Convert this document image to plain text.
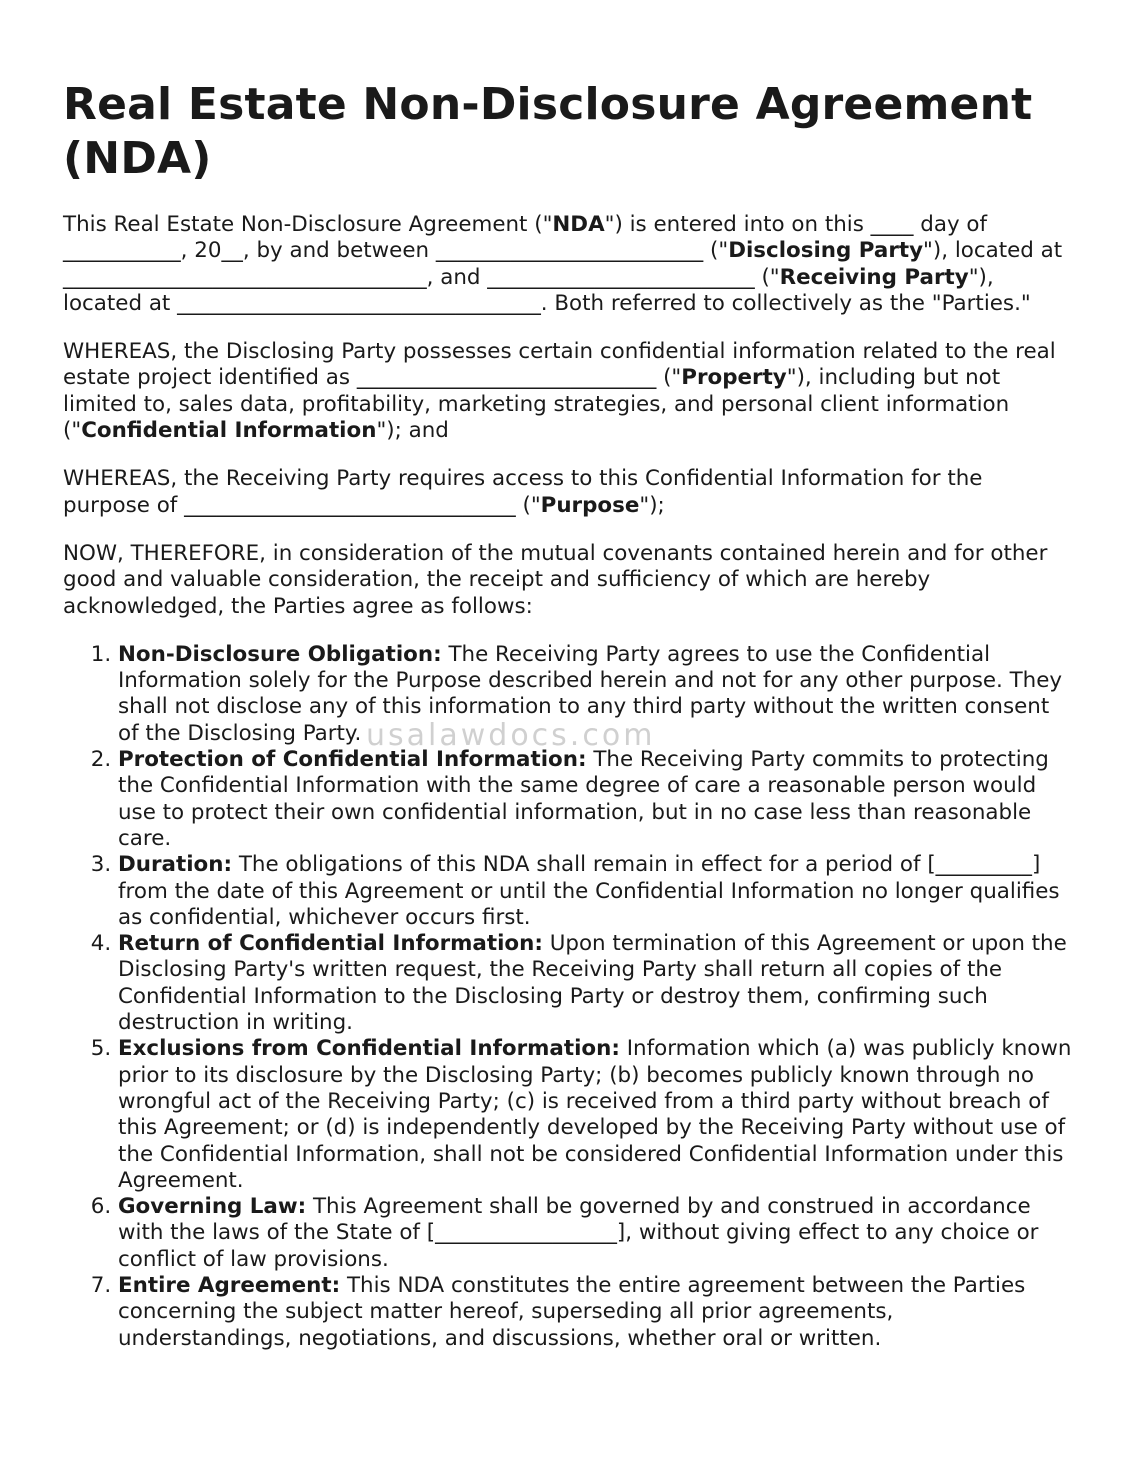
Real Estate Non-Disclosure Agreement (NDA)

This Real Estate Non-Disclosure Agreement ("NDA") is entered into on this ____ day of ___________, 20__, by and between _________________________ ("Disclosing Party"), located at __________________________________, and _________________________ ("Receiving Party"), located at __________________________________. Both referred to collectively as the "Parties."

WHEREAS, the Disclosing Party possesses certain confidential information related to the real estate project identified as ____________________________ ("Property"), including but not limited to, sales data, profitability, marketing strategies, and personal client information ("Confidential Information"); and

WHEREAS, the Receiving Party requires access to this Confidential Information for the purpose of _______________________________ ("Purpose");

NOW, THEREFORE, in consideration of the mutual covenants contained herein and for other good and valuable consideration, the receipt and sufficiency of which are hereby acknowledged, the Parties agree as follows:

1. Non-Disclosure Obligation: The Receiving Party agrees to use the Confidential Information solely for the Purpose described herein and not for any other purpose. They shall not disclose any of this information to any third party without the written consent of the Disclosing Party.
2. Protection of Confidential Information: The Receiving Party commits to protecting the Confidential Information with the same degree of care a reasonable person would use to protect their own confidential information, but in no case less than reasonable care.
3. Duration: The obligations of this NDA shall remain in effect for a period of [_________] from the date of this Agreement or until the Confidential Information no longer qualifies as confidential, whichever occurs first.
4. Return of Confidential Information: Upon termination of this Agreement or upon the Disclosing Party's written request, the Receiving Party shall return all copies of the Confidential Information to the Disclosing Party or destroy them, confirming such destruction in writing.
5. Exclusions from Confidential Information: Information which (a) was publicly known prior to its disclosure by the Disclosing Party; (b) becomes publicly known through no wrongful act of the Receiving Party; (c) is received from a third party without breach of this Agreement; or (d) is independently developed by the Receiving Party without use of the Confidential Information, shall not be considered Confidential Information under this Agreement.
6. Governing Law: This Agreement shall be governed by and construed in accordance with the laws of the State of [_________________], without giving effect to any choice or conflict of law provisions.
7. Entire Agreement: This NDA constitutes the entire agreement between the Parties concerning the subject matter hereof, superseding all prior agreements, understandings, negotiations, and discussions, whether oral or written.
usalawdocs.com
